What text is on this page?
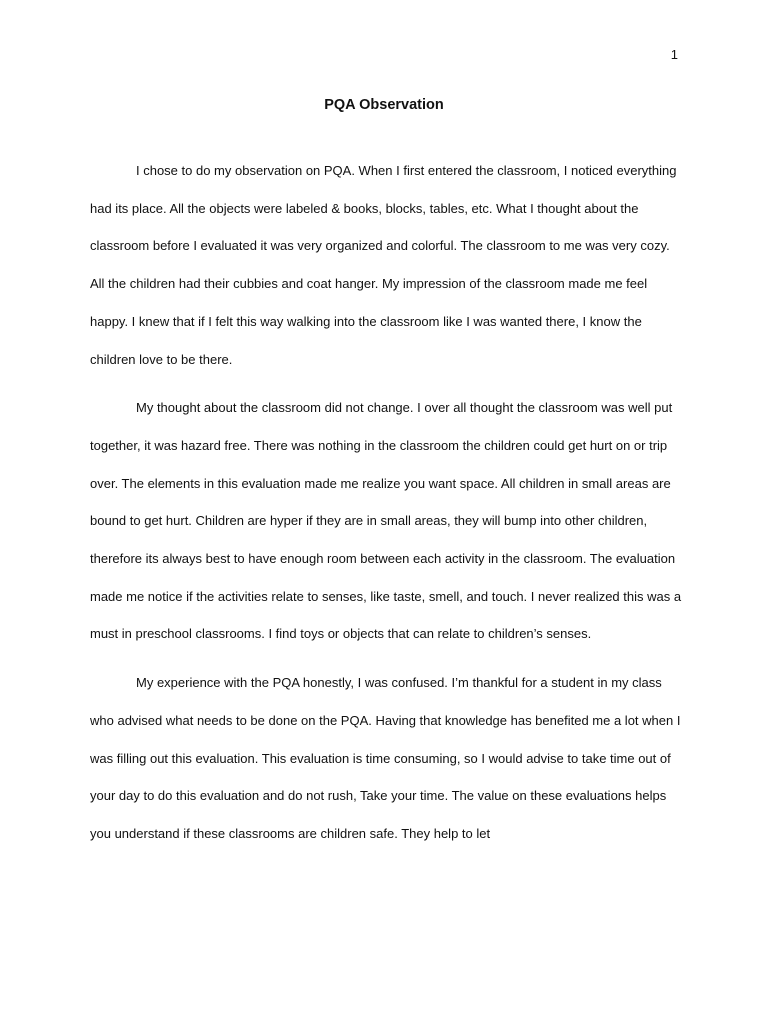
1
PQA Observation

I chose to do my observation on PQA. When I first entered the classroom, I noticed everything had its place. All the objects were labeled & books, blocks, tables, etc. What I thought about the classroom before I evaluated it was very organized and colorful. The classroom to me was very cozy. All the children had their cubbies and coat hanger. My impression of the classroom made me feel happy. I knew that if I felt this way walking into the classroom like I was wanted there, I know the children love to be there.

My thought about the classroom did not change. I over all thought the classroom was well put together, it was hazard free. There was nothing in the classroom the children could get hurt on or trip over. The elements in this evaluation made me realize you want space. All children in small areas are bound to get hurt. Children are hyper if they are in small areas, they will bump into other children, therefore its always best to have enough room between each activity in the classroom. The evaluation made me notice if the activities relate to senses, like taste, smell, and touch. I never realized this was a must in preschool classrooms. I find toys or objects that can relate to children’s senses.

My experience with the PQA honestly, I was confused. I’m thankful for a student in my class who advised what needs to be done on the PQA. Having that knowledge has benefited me a lot when I was filling out this evaluation. This evaluation is time consuming, so I would advise to take time out of your day to do this evaluation and do not rush, Take your time. The value on these evaluations helps you understand if these classrooms are children safe. They help to let
